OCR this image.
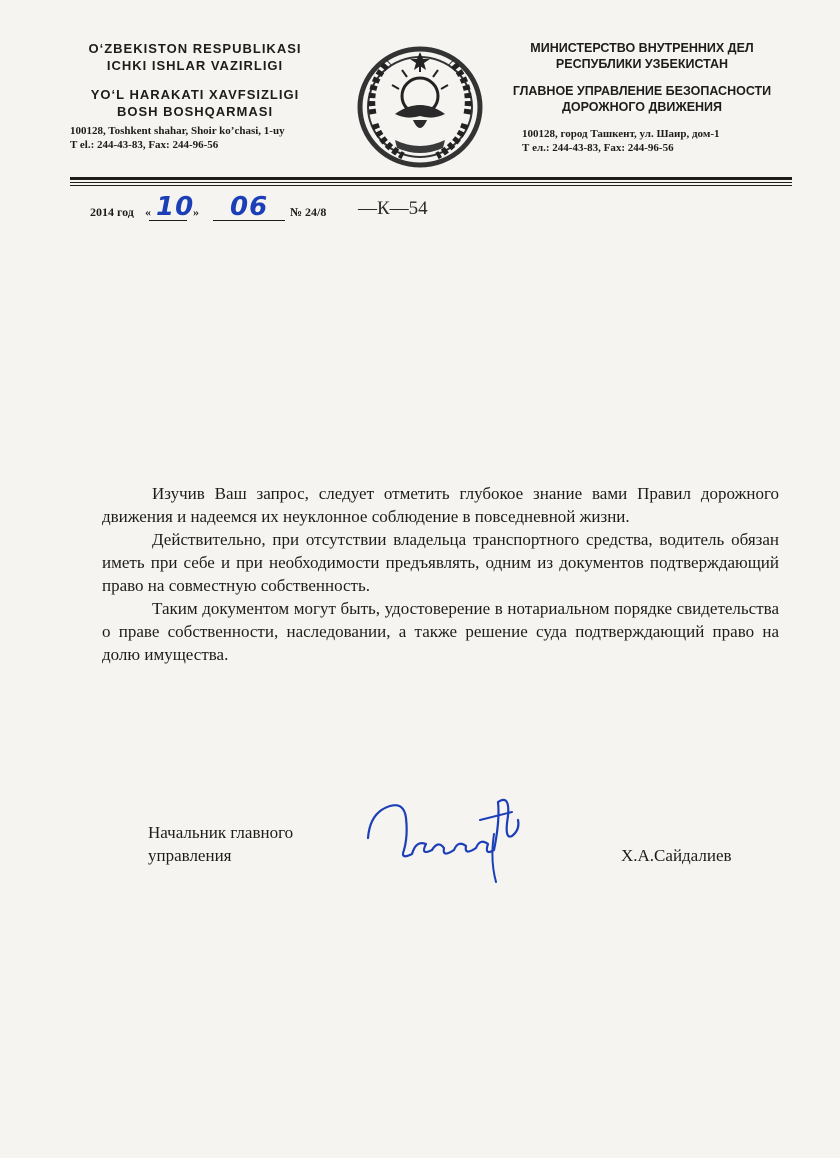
O‘ZBEKISTON RESPUBLIKASI
ICHKI ISHLAR VAZIRLIGI
YO‘L HARAKATI XAVFSIZLIGI
BOSH BOSHQARMASI
100128, Toshkent shahar, Shoir ko’chasi, 1-uy
T el.: 244-43-83, Fax: 244-96-56
МИНИСТЕРСТВО ВНУТРЕННИХ ДЕЛ
РЕСПУБЛИКИ УЗБЕКИСТАН
ГЛАВНОЕ УПРАВЛЕНИЕ БЕЗОПАСНОСТИ
ДОРОЖНОГО ДВИЖЕНИЯ
100128, город Ташкент, ул. Шаир, дом-1
Т ел.: 244-43-83, Fax: 244-96-56
2014 год « 10
» 06 № 24/8 —К—54

Изучив Ваш запрос, следует отметить глубокое знание вами Правил дорожного движения и надеемся их неуклонное соблюдение в повседневной жизни.

Действительно, при отсутствии владельца транспортного средства, водитель обязан иметь при себе и при необходимости предъявлять, одним из документов подтверждающий право на совместную собственность.

Таким документом могут быть, удостоверение в нотариальном порядке свидетельства о праве собственности, наследовании, а также решение суда подтверждающий право на долю имущества.

Начальник главного
управления	Х.А.Сайдалиев
